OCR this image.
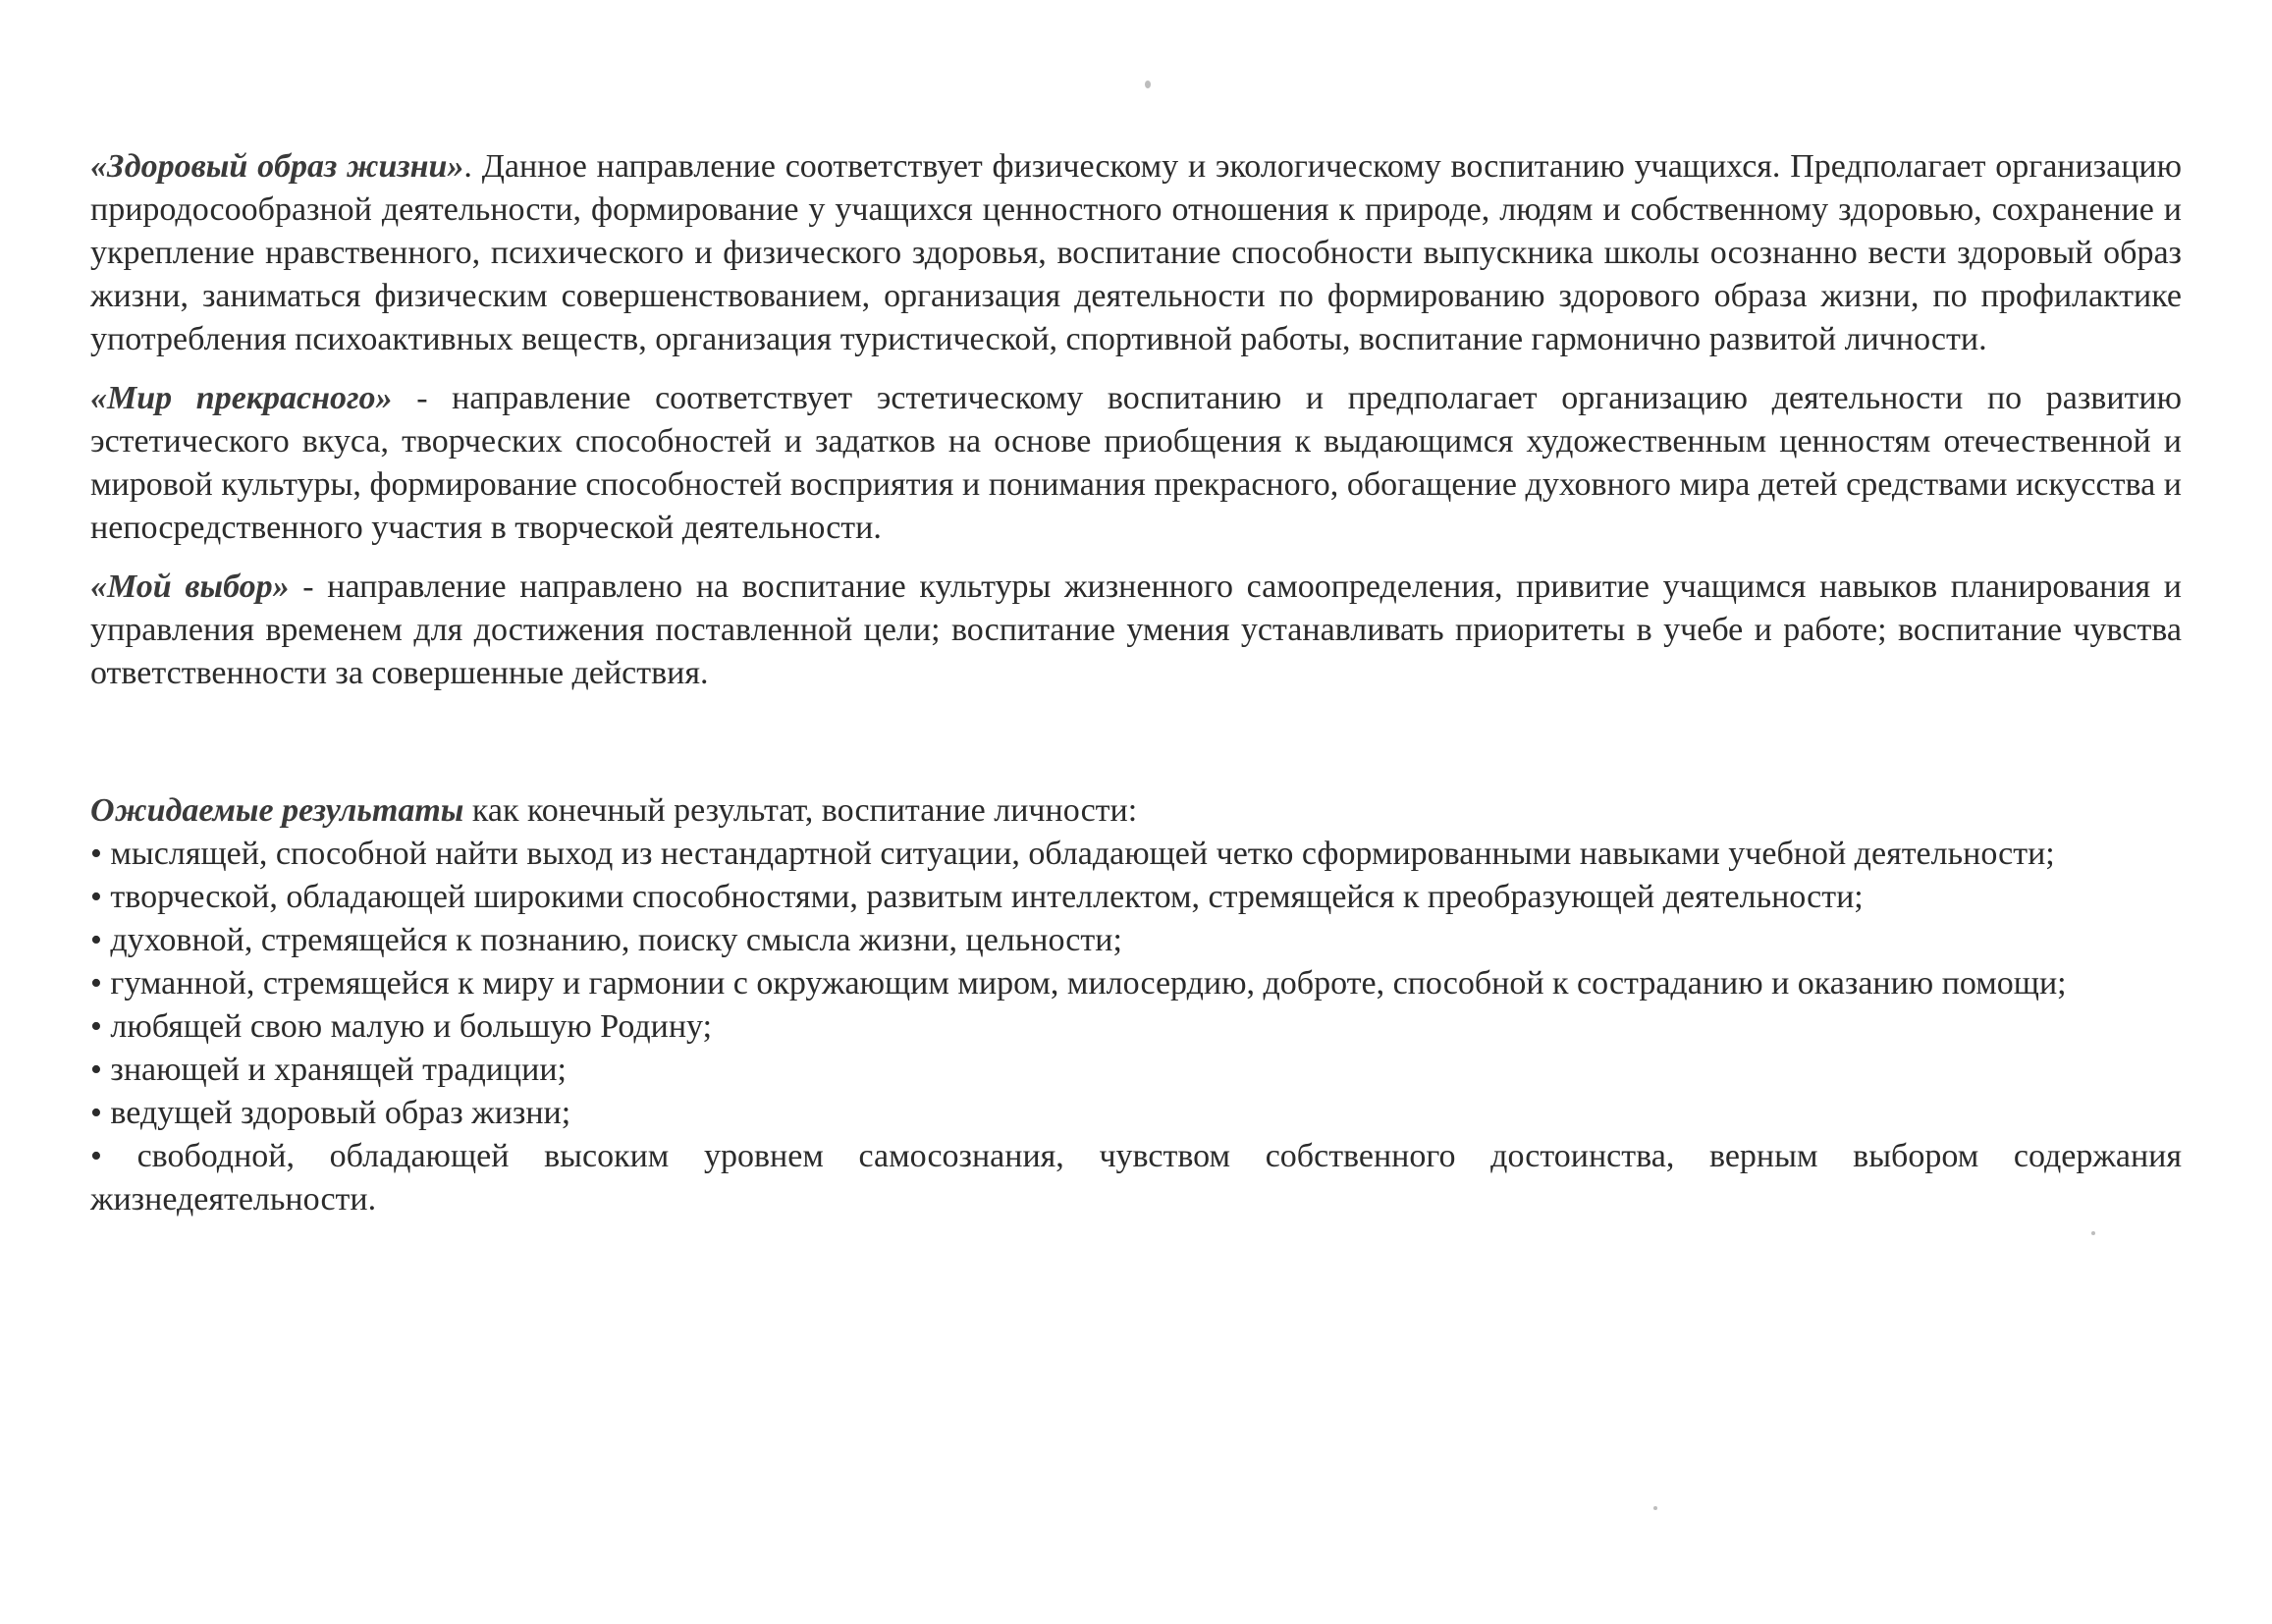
«Здоровый образ жизни». Данное направление соответствует физическому и экологическому воспитанию учащихся. Предполагает организацию природосообразной деятельности, формирование у учащихся ценностного отношения к природе, людям и собственному здоровью, сохранение и укрепление нравственного, психического и физического здоровья, воспитание способности выпускника школы осознанно вести здоровый образ жизни, заниматься физическим совершенствованием, организация деятельности по формированию здорового образа жизни, по профилактике употребления психоактивных веществ, организация туристической, спортивной работы, воспитание гармонично развитой личности.

«Мир прекрасного» - направление соответствует эстетическому воспитанию и предполагает организацию деятельности по развитию эстетического вкуса, творческих способностей и задатков на основе приобщения к выдающимся художественным ценностям отечественной и мировой культуры, формирование способностей восприятия и понимания прекрасного, обогащение духовного мира детей средствами искусства и непосредственного участия в творческой деятельности.

«Мой выбор» - направление направлено на воспитание культуры жизненного самоопределения, привитие учащимся навыков планирования и управления временем для достижения поставленной цели; воспитание умения устанавливать приоритеты в учебе и работе; воспитание чувства ответственности за совершенные действия.

Ожидаемые результаты как конечный результат, воспитание личности:

• мыслящей, способной найти выход из нестандартной ситуации, обладающей четко сформированными навыками учебной деятельности;
• творческой, обладающей широкими способностями, развитым интеллектом, стремящейся к преобразующей деятельности;
• духовной, стремящейся к познанию, поиску смысла жизни, цельности;
• гуманной, стремящейся к миру и гармонии с окружающим миром, милосердию, доброте, способной к состраданию и оказанию помощи;
• любящей свою малую и большую Родину;
• знающей и хранящей традиции;
• ведущей здоровый образ жизни;
• свободной, обладающей высоким уровнем самосознания, чувством собственного достоинства, верным выбором содержания жизнедеятельности.
